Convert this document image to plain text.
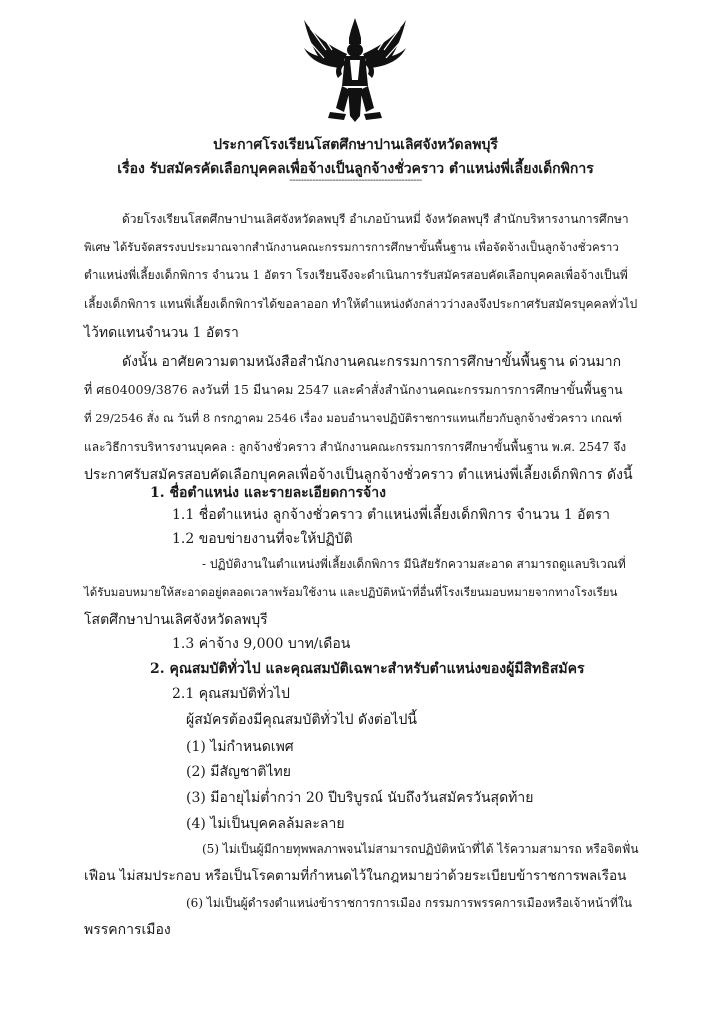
ประกาศโรงเรียนโสตศึกษาปานเลิศจังหวัดลพบุรี
เรื่อง รับสมัครคัดเลือกบุคคลเพื่อจ้างเป็นลูกจ้างชั่วคราว ตำแหน่งพี่เลี้ยงเด็กพิการ
----------------------------------------------
ด้วยโรงเรียนโสตศึกษาปานเลิศจังหวัดลพบุรี อำเภอบ้านหมี่ จังหวัดลพบุรี สำนักบริหารงานการศึกษา
พิเศษ ได้รับจัดสรรงบประมาณจากสำนักงานคณะกรรมการการศึกษาขั้นพื้นฐาน เพื่อจัดจ้างเป็นลูกจ้างชั่วคราว
ตำแหน่งพี่เลี้ยงเด็กพิการ จำนวน 1 อัตรา โรงเรียนจึงจะดำเนินการรับสมัครสอบคัดเลือกบุคคลเพื่อจ้างเป็นพี่
เลี้ยงเด็กพิการ แทนพี่เลี้ยงเด็กพิการได้ขอลาออก ทำให้ตำแหน่งดังกล่าวว่างลงจึงประกาศรับสมัครบุคคลทั่วไป
ไว้ทดแทนจำนวน 1 อัตรา
ดังนั้น อาศัยความตามหนังสือสำนักงานคณะกรรมการการศึกษาขั้นพื้นฐาน ด่วนมาก
ที่ ศธ04009/3876 ลงวันที่ 15 มีนาคม 2547 และคำสั่งสำนักงานคณะกรรมการการศึกษาขั้นพื้นฐาน
ที่ 29/2546 สั่ง ณ วันที่ 8 กรกฎาคม 2546 เรื่อง มอบอำนาจปฏิบัติราชการแทนเกี่ยวกับลูกจ้างชั่วคราว เกณฑ์
และวิธีการบริหารงานบุคคล : ลูกจ้างชั่วคราว สำนักงานคณะกรรมการการศึกษาขั้นพื้นฐาน พ.ศ. 2547 จึง
ประกาศรับสมัครสอบคัดเลือกบุคคลเพื่อจ้างเป็นลูกจ้างชั่วคราว ตำแหน่งพี่เลี้ยงเด็กพิการ ดังนี้
1. ชื่อตำแหน่ง และรายละเอียดการจ้าง
1.1 ชื่อตำแหน่ง ลูกจ้างชั่วคราว ตำแหน่งพี่เลี้ยงเด็กพิการ จำนวน 1 อัตรา
1.2 ขอบข่ายงานที่จะให้ปฏิบัติ
- ปฏิบัติงานในตำแหน่งพี่เลี้ยงเด็กพิการ มีนิสัยรักความสะอาด สามารถดูแลบริเวณที่
ได้รับมอบหมายให้สะอาดอยู่ตลอดเวลาพร้อมใช้งาน และปฏิบัติหน้าที่อื่นที่โรงเรียนมอบหมายจากทางโรงเรียน
โสตศึกษาปานเลิศจังหวัดลพบุรี
1.3 ค่าจ้าง 9,000 บาท/เดือน
2. คุณสมบัติทั่วไป และคุณสมบัติเฉพาะสำหรับตำแหน่งของผู้มีสิทธิสมัคร
2.1 คุณสมบัติทั่วไป
ผู้สมัครต้องมีคุณสมบัติทั่วไป ดังต่อไปนี้
(1) ไม่กำหนดเพศ
(2) มีสัญชาติไทย
(3) มีอายุไม่ต่ำกว่า 20 ปีบริบูรณ์ นับถึงวันสมัครวันสุดท้าย
(4) ไม่เป็นบุคคลล้มละลาย
(5) ไม่เป็นผู้มีกายทุพพลภาพจนไม่สามารถปฏิบัติหน้าที่ได้ ไร้ความสามารถ หรือจิตฟั่น
เฟือน ไม่สมประกอบ หรือเป็นโรคตามที่กำหนดไว้ในกฎหมายว่าด้วยระเบียบข้าราชการพลเรือน
(6) ไม่เป็นผู้ดำรงตำแหน่งข้าราชการการเมือง กรรมการพรรคการเมืองหรือเจ้าหน้าที่ใน
พรรคการเมือง
